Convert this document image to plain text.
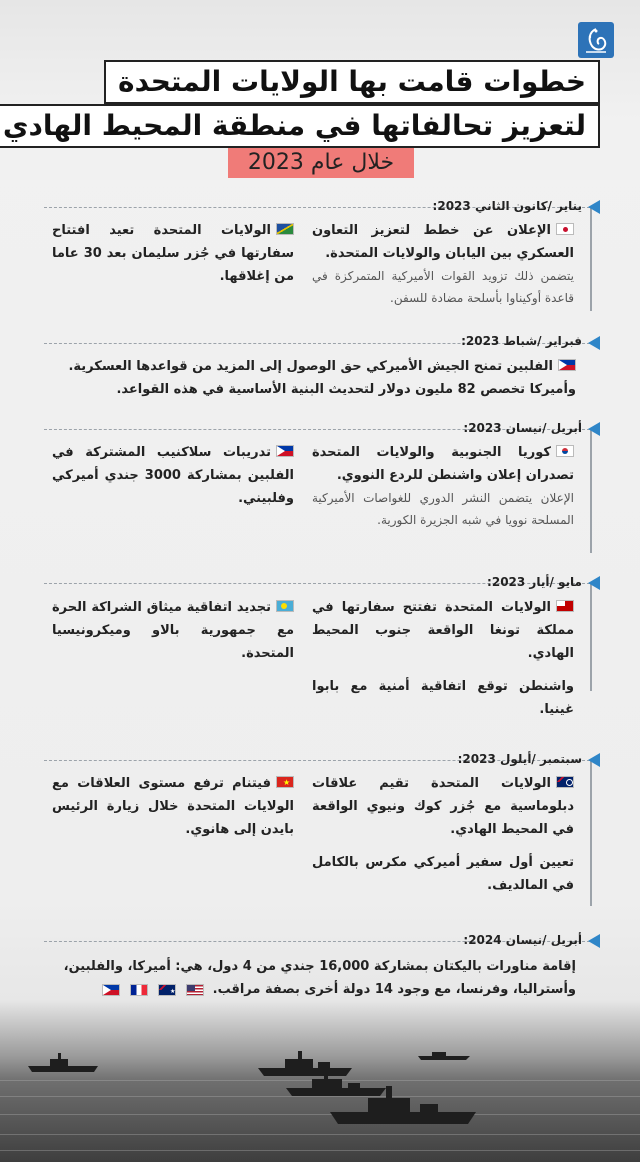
خطوات قامت بها الولايات المتحدة
لتعزيز تحالفاتها في منطقة المحيط الهادي
خلال عام 2023
يناير /كانون الثاني 2023:
الإعلان عن خطط لتعزيز التعاون العسكري بين اليابان والولايات المتحدة.
يتضمن ذلك تزويد القوات الأميركية المتمركزة في قاعدة أوكيناوا بأسلحة مضادة للسفن.
الولايات المتحدة تعيد افتتاح سفارتها في جُزر سليمان بعد 30 عاما من إغلاقها.
فبراير /شباط 2023:
الفلبين تمنح الجيش الأميركي حق الوصول إلى المزيد من قواعدها العسكرية.
وأميركا تخصص 82 مليون دولار لتحديث البنية الأساسية في هذه القواعد.
أبريل /نيسان 2023:
كوريا الجنوبية والولايات المتحدة تصدران إعلان واشنطن للردع النووي.
الإعلان يتضمن النشر الدوري للغواصات الأميركية المسلحة نوويا في شبه الجزيرة الكورية.
تدريبات سلاكنيب المشتركة في الفلبين بمشاركة 3000 جندي أميركي وفلبيني.
مايو /أيار 2023:
الولايات المتحدة تفتتح سفارتها في مملكة تونغا الواقعة جنوب المحيط الهادي.
واشنطن توقع اتفاقية أمنية مع بابوا غينيا.
تجديد اتفاقية ميثاق الشراكة الحرة مع جمهورية بالاو وميكرونيسيا المتحدة.
سبتمبر /أيلول 2023:
الولايات المتحدة تقيم علاقات دبلوماسية مع جُزر كوك ونيوي الواقعة في المحيط الهادي.
تعيين أول سفير أميركي مكرس بالكامل في المالديف.
★
فيتنام ترفع مستوى العلاقات مع الولايات المتحدة خلال زيارة الرئيس بايدن إلى هانوي.
أبريل /نيسان 2024:
إقامة مناورات باليكتان بمشاركة 16,000 جندي من 4 دول، هي: أميركا، والفلبين،
وأستراليا، وفرنسا، مع وجود 14 دولة أخرى بصفة مراقب.
★
